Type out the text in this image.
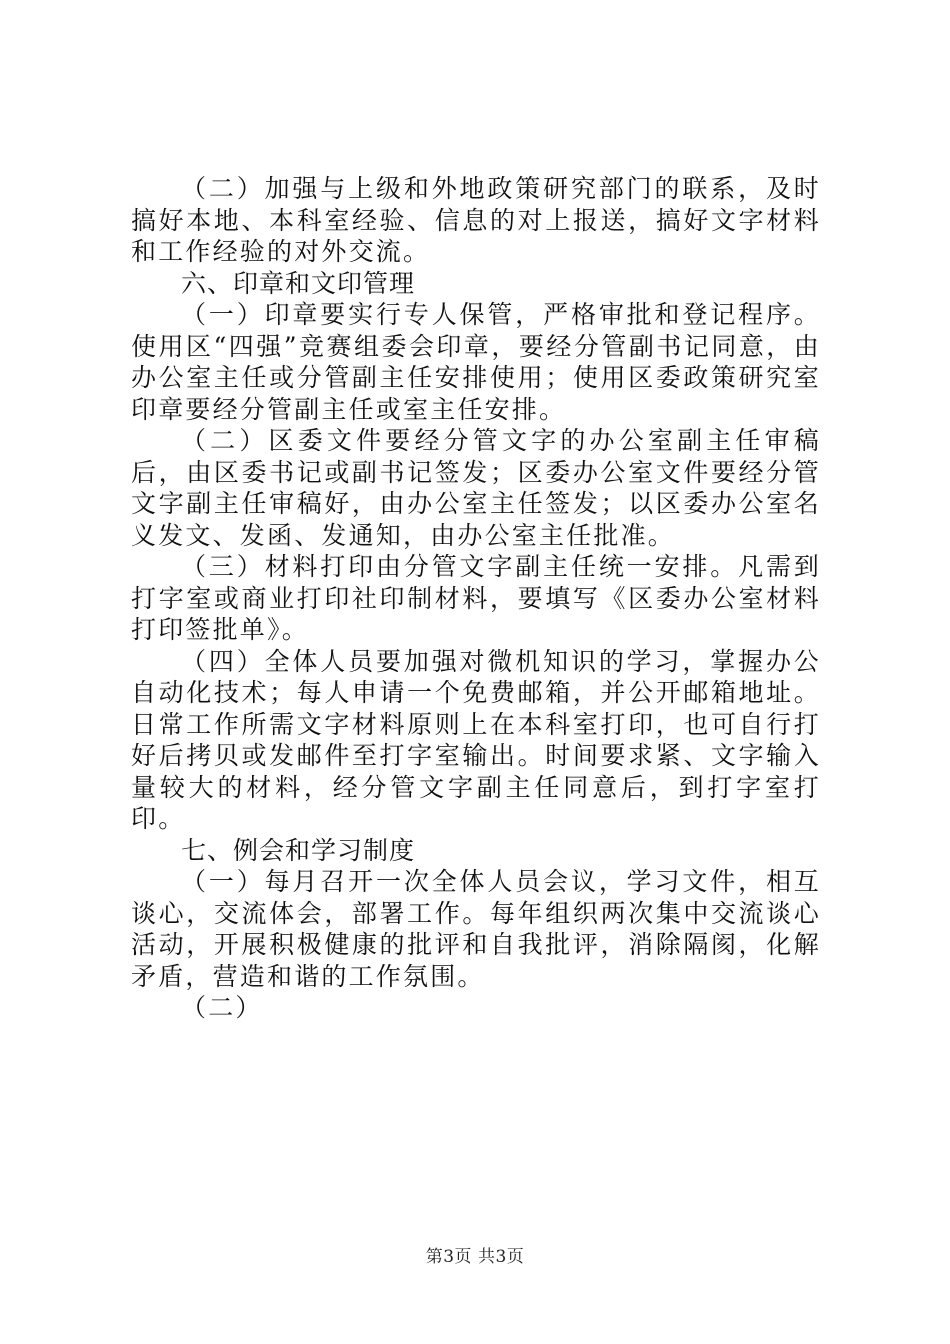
（二）加强与上级和外地政策研究部门的联系，及时搞好本地、本科室经验、信息的对上报送，搞好文字材料和工作经验的对外交流。

六、印章和文印管理

（一）印章要实行专人保管，严格审批和登记程序。使用区“四强”竞赛组委会印章，要经分管副书记同意，由办公室主任或分管副主任安排使用；使用区委政策研究室印章要经分管副主任或室主任安排。

（二）区委文件要经分管文字的办公室副主任审稿后，由区委书记或副书记签发；区委办公室文件要经分管文字副主任审稿好，由办公室主任签发；以区委办公室名义发文、发函、发通知，由办公室主任批准。

（三）材料打印由分管文字副主任统一安排。凡需到打字室或商业打印社印制材料，要填写《区委办公室材料打印签批单》。

（四）全体人员要加强对微机知识的学习，掌握办公自动化技术；每人申请一个免费邮箱，并公开邮箱地址。日常工作所需文字材料原则上在本科室打印，也可自行打好后拷贝或发邮件至打字室输出。时间要求紧、文字输入量较大的材料，经分管文字副主任同意后，到打字室打印。

七、例会和学习制度

（一）每月召开一次全体人员会议，学习文件，相互谈心，交流体会，部署工作。每年组织两次集中交流谈心活动，开展积极健康的批评和自我批评，消除隔阂，化解矛盾，营造和谐的工作氛围。

（二）

第3页 共3页
